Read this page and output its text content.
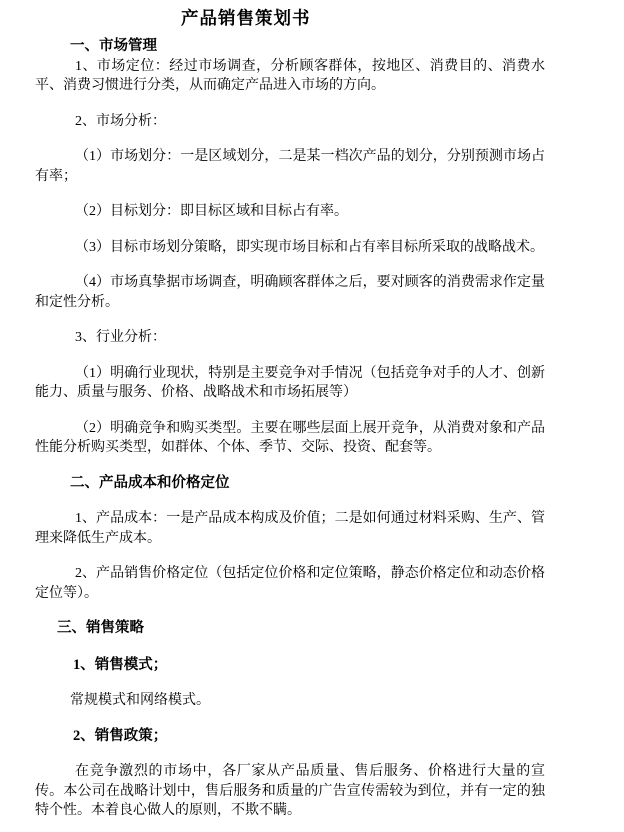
产品销售策划书
一、市场管理

1、市场定位：经过市场调查，分析顾客群体，按地区、消费目的、消费水平、消费习惯进行分类，从而确定产品进入市场的方向。

2、市场分析：

（1）市场划分：一是区域划分，二是某一档次产品的划分，分别预测市场占有率；

（2）目标划分：即目标区域和目标占有率。

（3）目标市场划分策略，即实现市场目标和占有率目标所采取的战略战术。

（4）市场真挚据市场调查，明确顾客群体之后，要对顾客的消费需求作定量和定性分析。

3、行业分析：

（1）明确行业现状，特别是主要竞争对手情况（包括竞争对手的人才、创新能力、质量与服务、价格、战略战术和市场拓展等）

（2）明确竞争和购买类型。主要在哪些层面上展开竞争，从消费对象和产品性能分析购买类型，如群体、个体、季节、交际、投资、配套等。

二、产品成本和价格定位

1、产品成本：一是产品成本构成及价值；二是如何通过材料采购、生产、管理来降低生产成本。

2、产品销售价格定位（包括定位价格和定位策略，静态价格定位和动态价格定位等）。

三、销售策略
1、销售模式；

常规模式和网络模式。

2、销售政策；

在竞争激烈的市场中，各厂家从产品质量、售后服务、价格进行大量的宣传。本公司在战略计划中，售后服务和质量的广告宣传需较为到位，并有一定的独特个性。本着良心做人的原则，不欺不瞒。
